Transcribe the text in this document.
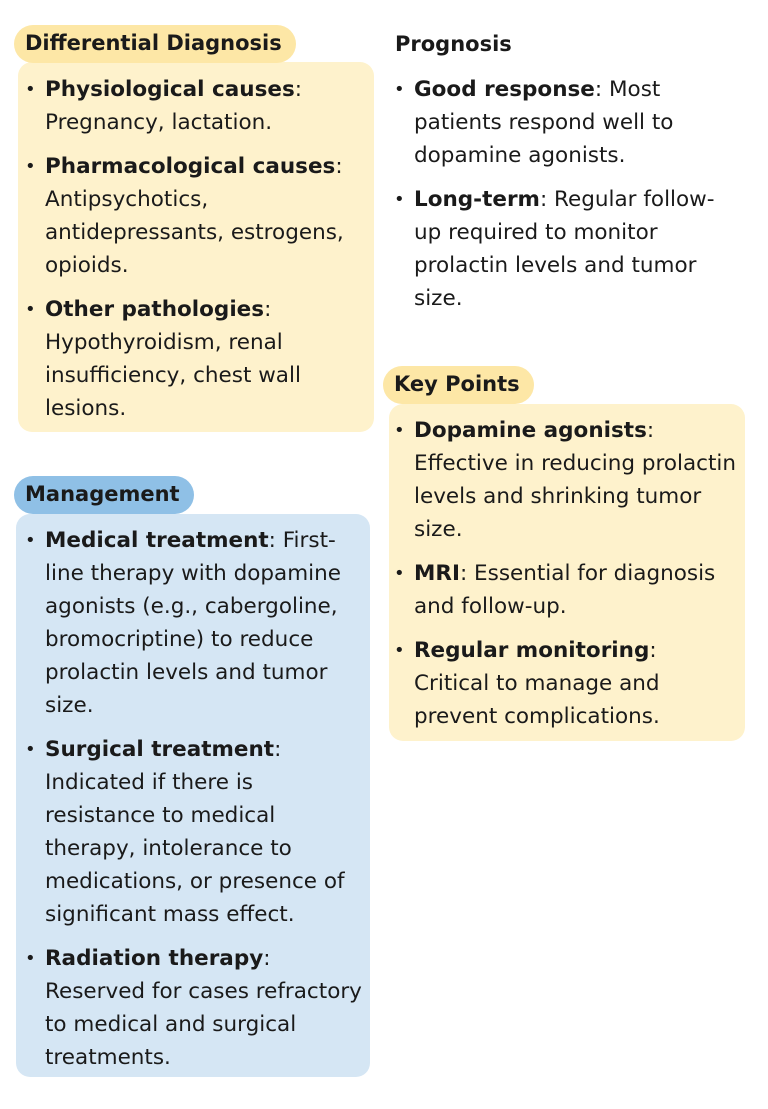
Differential Diagnosis
• Physiological causes: Pregnancy, lactation.
• Pharmacological causes: Antipsychotics, antidepressants, estrogens, opioids.
• Other pathologies: Hypothyroidism, renal insufficiency, chest wall lesions.
Prognosis
• Good response: Most patients respond well to dopamine agonists.
• Long-term: Regular follow-up required to monitor prolactin levels and tumor size.
Management
• Medical treatment: First-line therapy with dopamine agonists (e.g., cabergoline, bromocriptine) to reduce prolactin levels and tumor size.
• Surgical treatment: Indicated if there is resistance to medical therapy, intolerance to medications, or presence of significant mass effect.
• Radiation therapy: Reserved for cases refractory to medical and surgical treatments.
Key Points
• Dopamine agonists: Effective in reducing prolactin levels and shrinking tumor size.
• MRI: Essential for diagnosis and follow-up.
• Regular monitoring: Critical to manage and prevent complications.
